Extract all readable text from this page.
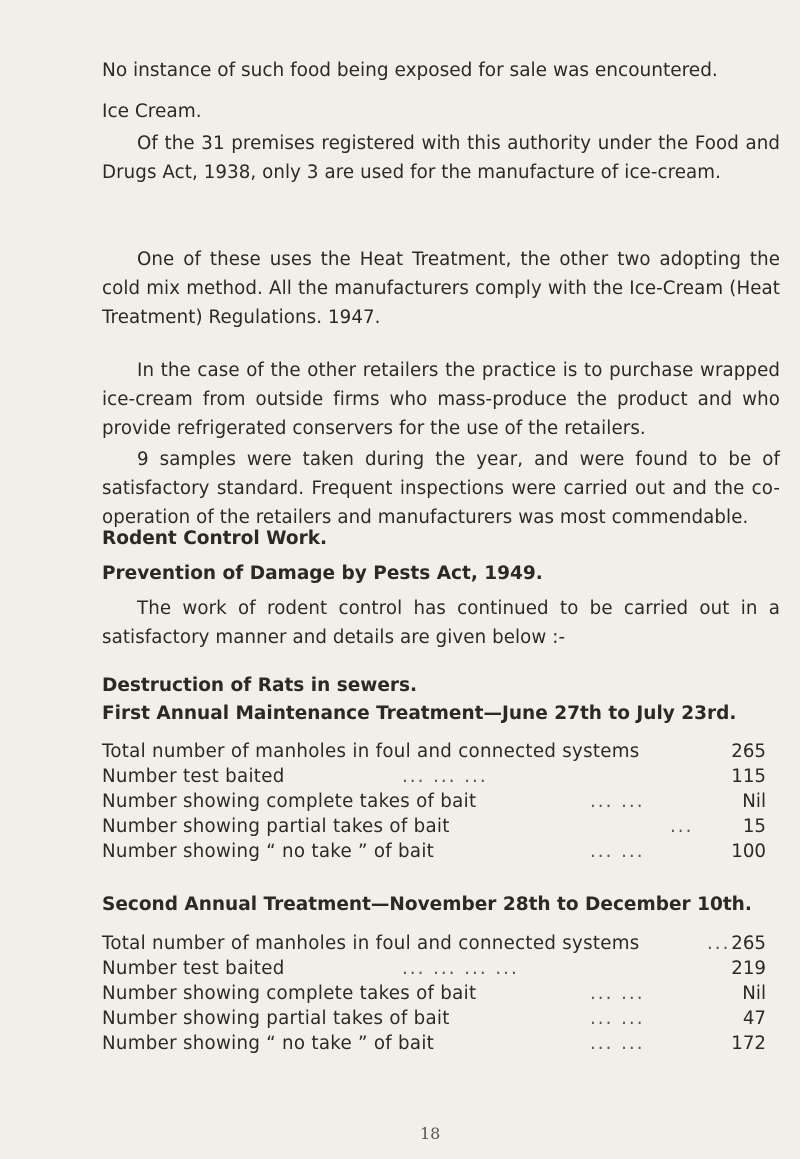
No instance of such food being exposed for sale was encountered.
Ice Cream.
Of the 31 premises registered with this authority under the Food and Drugs Act, 1938, only 3 are used for the manufacture of ice-cream.
One of these uses the Heat Treatment, the other two adopting the cold mix method. All the manufacturers comply with the Ice-Cream (Heat Treatment) Regulations. 1947.
In the case of the other retailers the practice is to purchase wrapped ice-cream from outside firms who mass-produce the product and who provide refrigerated conservers for the use of the retailers.
9 samples were taken during the year, and were found to be of satisfactory standard. Frequent inspections were carried out and the co-operation of the retailers and manufacturers was most commendable.
Rodent Control Work.
Prevention of Damage by Pests Act, 1949.
The work of rodent control has continued to be carried out in a satisfactory manner and details are given below :-
Destruction of Rats in sewers.
First Annual Maintenance Treatment—June 27th to July 23rd.
Total number of manholes in foul and connected systems	265
Number test baited	... ... ...	115
Number showing complete takes of bait	... ...	Nil
Number showing partial takes of bait	...	15
Number showing “ no take ” of bait	... ...	100
Second Annual Treatment—November 28th to December 10th.
Total number of manholes in foul and connected systems	... 265
Number test baited	... ... ... ...	219
Number showing complete takes of bait	... ...	Nil
Number showing partial takes of bait	... ...	47
Number showing “ no take ” of bait	... ...	172
18
